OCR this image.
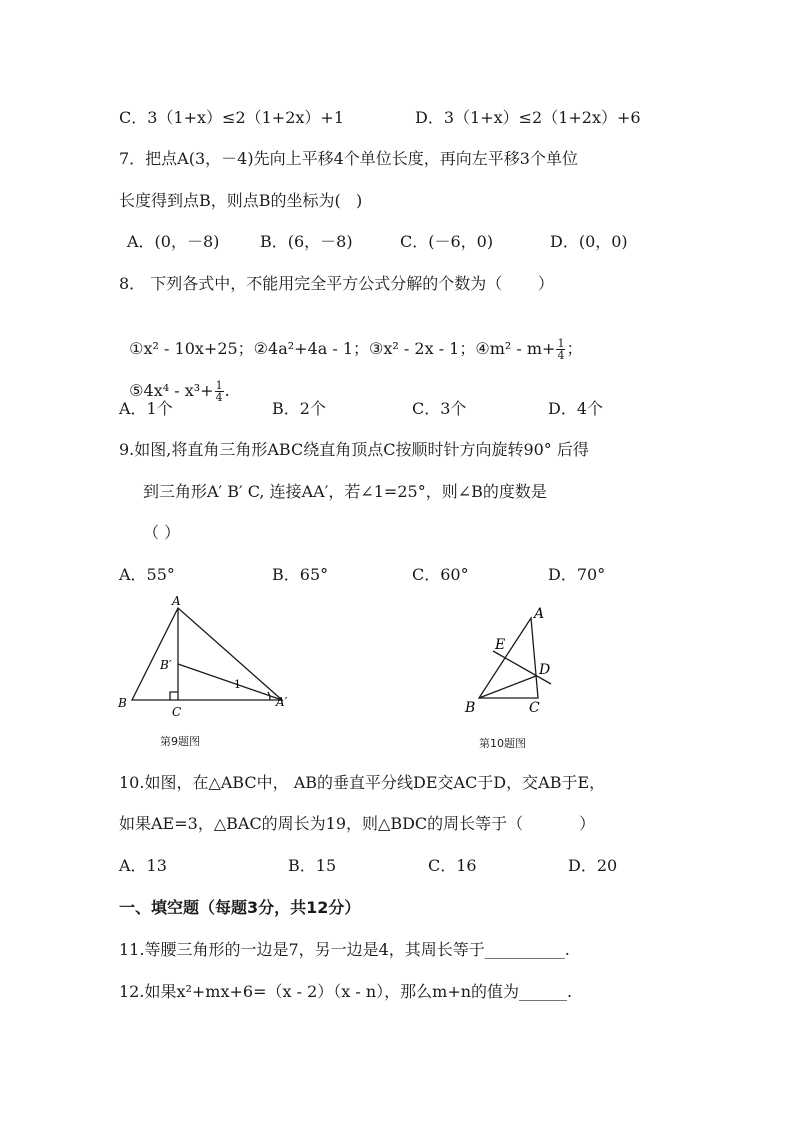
C．3（1+x）≤2（1+2x）+1	D．3（1+x）≤2（1+2x）+6
7．把点A(3，－4)先向上平移4个单位长度，再向左平移3个单位
长度得到点B，则点B的坐标为(   )
A．(0，－8)	B．(6，－8)	C．(－6，0)	D．(0，0)
8． 下列各式中，不能用完全平方公式分解的个数为（       ）

①x² - 10x+25；②4a²+4a - 1；③x² - 2x - 1；④m² - $m+ \frac{1}{4}$ ；

⑤4x⁴ - $x^3+ \frac{1}{4}$ .

A．1个	B．2个	C．3个	D．4个
9.如图,将直角三角形ABC绕直角顶点C按顺时针方向旋转90° 后得
到三角形A′ B′ C, 连接AA′，若∠1=25°，则∠B的度数是
（ ）
A．55°	B．65°	C．60°	D．70°
A
B
C
B′
A′
1
第9题图
A
E
D
B	C
第10题图
10.如图，在△ABC中， AB的垂直平分线DE交AC于D，交AB于E，
如果AE=3，△BAC的周长为19，则△BDC的周长等于（           ）
A．13	B．15	C．16	D．20
一、填空题（每题3分，共12分）
11.等腰三角形的一边是7，另一边是4，其周长等于__________.
12.如果x²+mx+6=（x - 2）（x - n），那么m+n的值为______.
